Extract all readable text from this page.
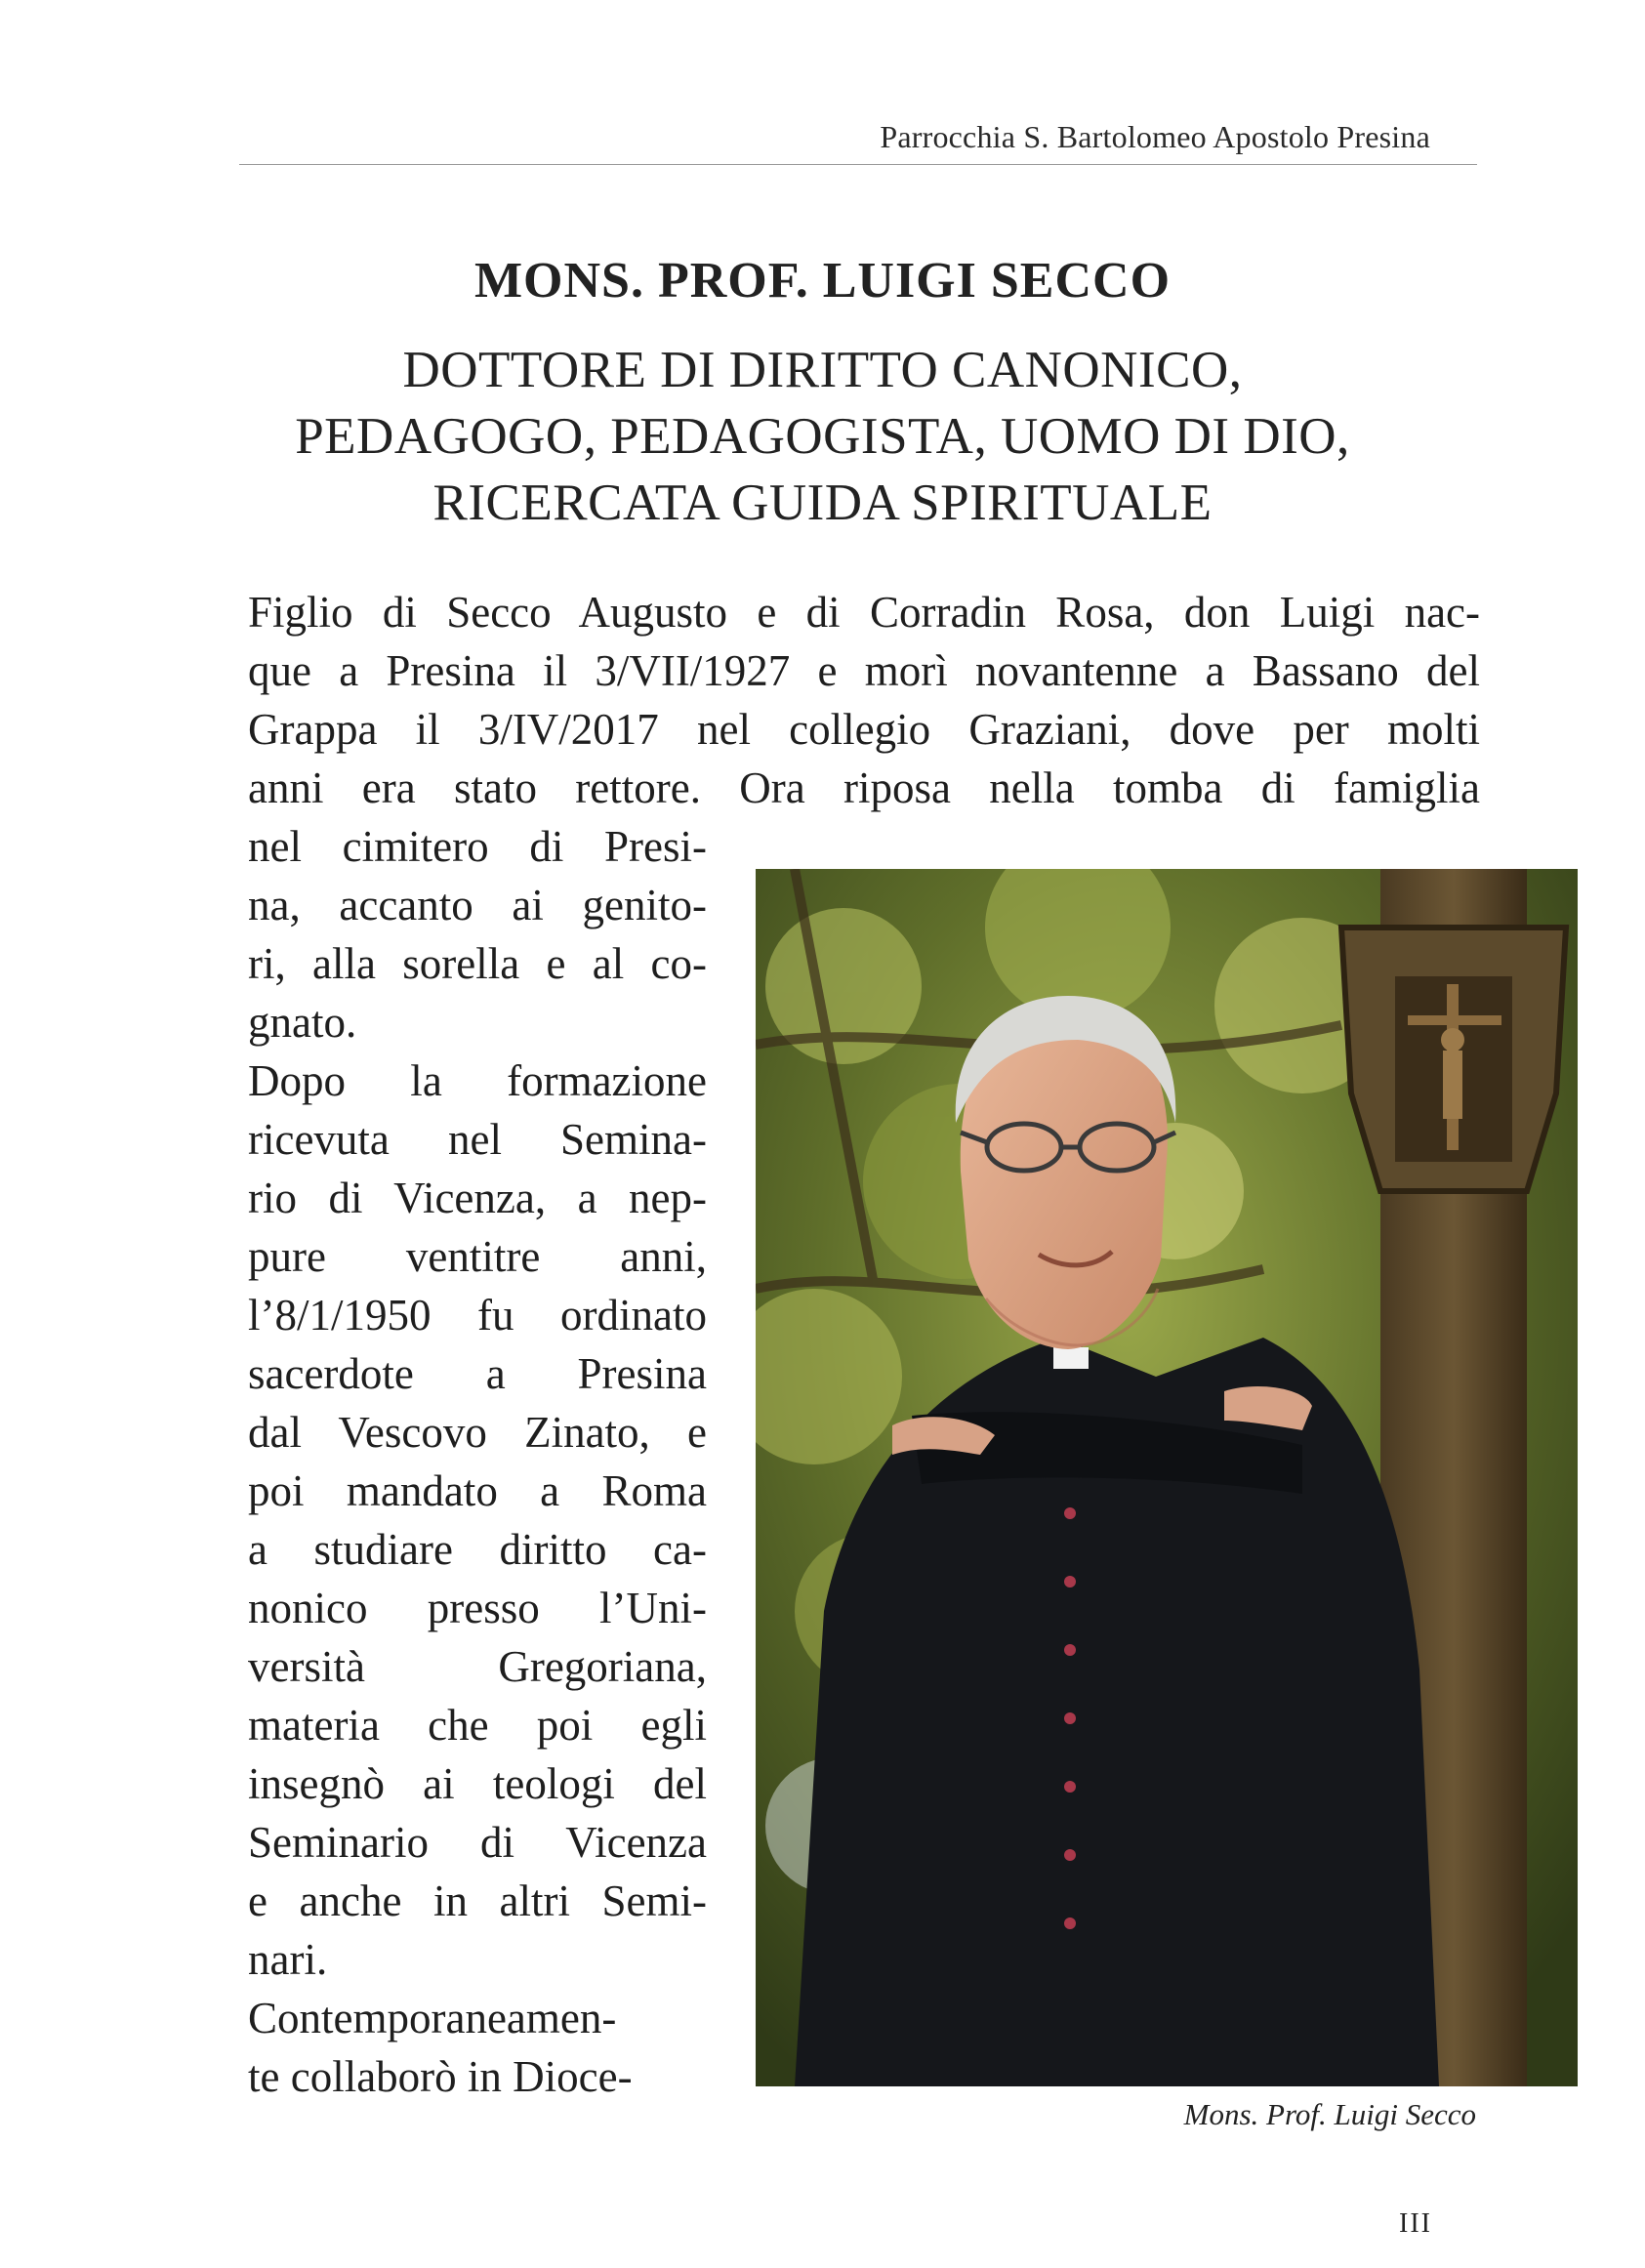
Parrocchia S. Bartolomeo Apostolo Presina
MONS. PROF. LUIGI SECCO
DOTTORE DI DIRITTO CANONICO,
PEDAGOGO, PEDAGOGISTA, UOMO DI DIO,
RICERCATA GUIDA SPIRITUALE
Figlio di Secco Augusto e di Corradin Rosa, don Luigi nac-
que a Presina il 3/VII/1927 e morì novantenne a Bassano del
Grappa il 3/IV/2017 nel collegio Graziani, dove per molti
anni era stato rettore. Ora riposa nella tomba di famiglia
nel cimitero di Presi-
na, accanto ai genito-
ri, alla sorella e al co-
gnato.
Dopo la formazione
ricevuta nel Semina-
rio di Vicenza, a nep-
pure ventitre anni,
l’8/1/1950 fu ordinato
sacerdote a Presina
dal Vescovo Zinato, e
poi mandato a Roma
a studiare diritto ca-
nonico presso l’Uni-
versità Gregoriana,
materia che poi egli
insegnò ai teologi del
Seminario di Vicenza
e anche in altri Semi-
nari.
Contemporaneamen-
te collaborò in Dioce-
Mons. Prof. Luigi Secco
III
